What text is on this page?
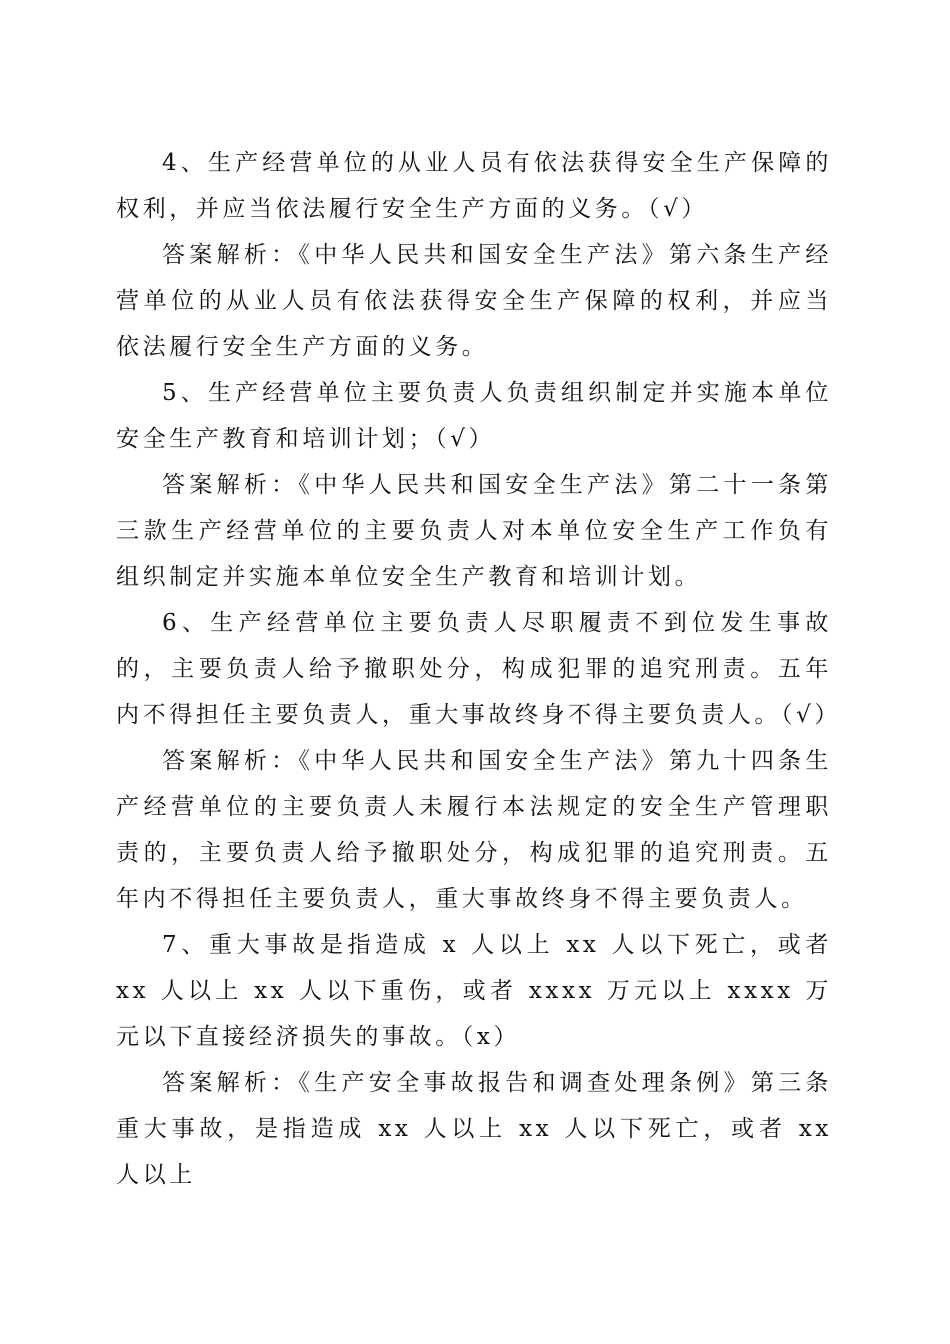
4、生产经营单位的从业人员有依法获得安全生产保障的权利，并应当依法履行安全生产方面的义务。（√）

答案解析：《中华人民共和国安全生产法》第六条生产经营单位的从业人员有依法获得安全生产保障的权利，并应当依法履行安全生产方面的义务。

5、生产经营单位主要负责人负责组织制定并实施本单位安全生产教育和培训计划；（√）

答案解析：《中华人民共和国安全生产法》第二十一条第三款生产经营单位的主要负责人对本单位安全生产工作负有组织制定并实施本单位安全生产教育和培训计划。

6、生产经营单位主要负责人尽职履责不到位发生事故的，主要负责人给予撤职处分，构成犯罪的追究刑责。五年内不得担任主要负责人，重大事故终身不得主要负责人。（√）

答案解析：《中华人民共和国安全生产法》第九十四条生产经营单位的主要负责人未履行本法规定的安全生产管理职责的，主要负责人给予撤职处分，构成犯罪的追究刑责。五年内不得担任主要负责人，重大事故终身不得主要负责人。

7、重大事故是指造成 x 人以上 xx 人以下死亡，或者 xx 人以上 xx 人以下重伤，或者 xxxx 万元以上 xxxx 万元以下直接经济损失的事故。（x）

答案解析：《生产安全事故报告和调查处理条例》第三条重大事故，是指造成 xx 人以上 xx 人以下死亡，或者 xx 人以上
